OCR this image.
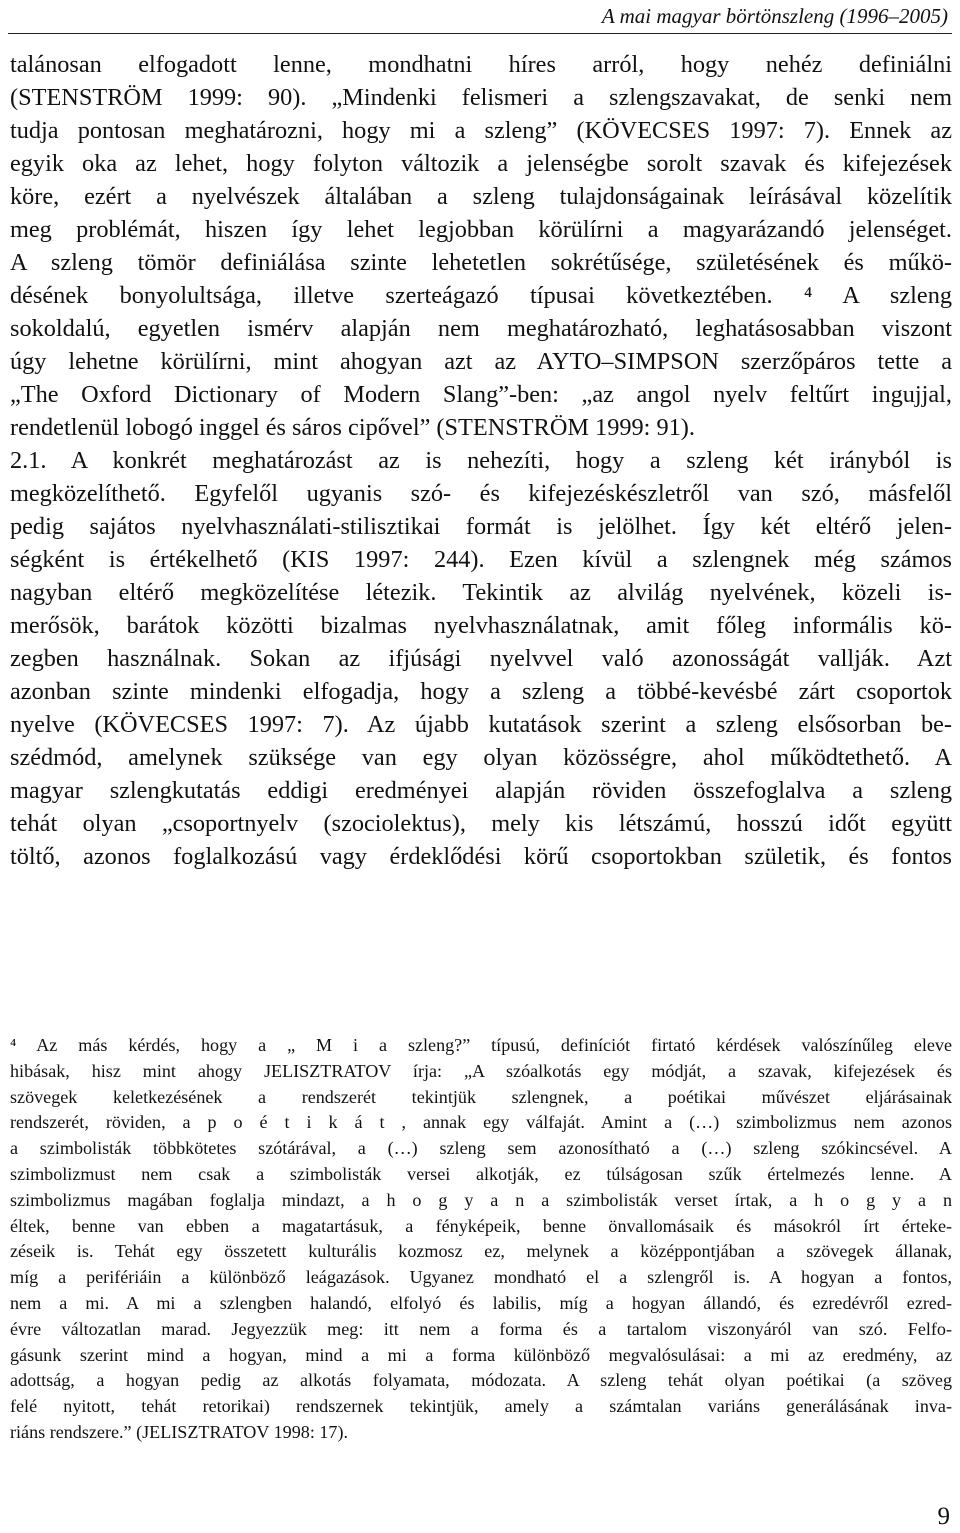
A mai magyar börtönszleng (1996–2005)
talánosan elfogadott lenne, mondhatni híres arról, hogy nehéz definiálni
(STENSTRÖM 1999: 90). „Mindenki felismeri a szlengszavakat, de senki nem
tudja pontosan meghatározni, hogy mi a szleng” (KÖVECSES 1997: 7). Ennek az
egyik oka az lehet, hogy folyton változik a jelenségbe sorolt szavak és kifejezések
köre, ezért a nyelvészek általában a szleng tulajdonságainak leírásával közelítik
meg problémát, hiszen így lehet legjobban körülírni a magyarázandó jelenséget.
A szleng tömör definiálása szinte lehetetlen sokrétűsége, születésének és műkö-
désének bonyolultsága, illetve szerteágazó típusai következtében. ⁴ A szleng
sokoldalú, egyetlen ismérv alapján nem meghatározható, leghatásosabban viszont
úgy lehetne körülírni, mint ahogyan azt az AYTO–SIMPSON szerzőpáros tette a
„The Oxford Dictionary of Modern Slang”-ben: „az angol nyelv feltűrt ingujjal,
rendetlenül lobogó inggel és sáros cipővel” (STENSTRÖM 1999: 91).
2.1. A konkrét meghatározást az is nehezíti, hogy a szleng két irányból is
megközelíthető. Egyfelől ugyanis szó- és kifejezéskészletről van szó, másfelől
pedig sajátos nyelvhasználati-stilisztikai formát is jelölhet. Így két eltérő jelen-
ségként is értékelhető (KIS 1997: 244). Ezen kívül a szlengnek még számos
nagyban eltérő megközelítése létezik. Tekintik az alvilág nyelvének, közeli is-
merősök, barátok közötti bizalmas nyelvhasználatnak, amit főleg informális kö-
zegben használnak. Sokan az ifjúsági nyelvvel való azonosságát vallják. Azt
azonban szinte mindenki elfogadja, hogy a szleng a többé-kevésbé zárt csoportok
nyelve (KÖVECSES 1997: 7). Az újabb kutatások szerint a szleng elsősorban be-
szédmód, amelynek szüksége van egy olyan közösségre, ahol működtethető. A
magyar szlengkutatás eddigi eredményei alapján röviden összefoglalva a szleng
tehát olyan „csoportnyelv (szociolektus), mely kis létszámú, hosszú időt együtt
töltő, azonos foglalkozású vagy érdeklődési körű csoportokban születik, és fontos
⁴ Az más kérdés, hogy a „ M i a szleng?” típusú, definíciót firtató kérdések valószínűleg eleve
hibásak, hisz mint ahogy JELISZTRATOV írja: „A szóalkotás egy módját, a szavak, kifejezések és
szövegek keletkezésének a rendszerét tekintjük szlengnek, a poétikai művészet eljárásainak
rendszerét, röviden, a p o é t i k á t , annak egy válfaját. Amint a (…) szimbolizmus nem azonos
a szimbolisták többkötetes szótárával, a (…) szleng sem azonosítható a (…) szleng szókincsével. A
szimbolizmust nem csak a szimbolisták versei alkotják, ez túlságosan szűk értelmezés lenne. A
szimbolizmus magában foglalja mindazt, a h o g y a n a szimbolisták verset írtak, a h o g y a n
éltek, benne van ebben a magatartásuk, a fényképeik, benne önvallomásaik és másokról írt érteke-
zéseik is. Tehát egy összetett kulturális kozmosz ez, melynek a középpontjában a szövegek állanak,
míg a perifériáin a különböző leágazások. Ugyanez mondható el a szlengről is. A hogyan a fontos,
nem a mi. A mi a szlengben halandó, elfolyó és labilis, míg a hogyan állandó, és ezredévről ezred-
évre változatlan marad. Jegyezzük meg: itt nem a forma és a tartalom viszonyáról van szó. Felfo-
gásunk szerint mind a hogyan, mind a mi a forma különböző megvalósulásai: a mi az eredmény, az
adottság, a hogyan pedig az alkotás folyamata, módozata. A szleng tehát olyan poétikai (a szöveg
felé nyitott, tehát retorikai) rendszernek tekintjük, amely a számtalan variáns generálásának inva-
riáns rendszere.” (JELISZTRATOV 1998: 17).
9
